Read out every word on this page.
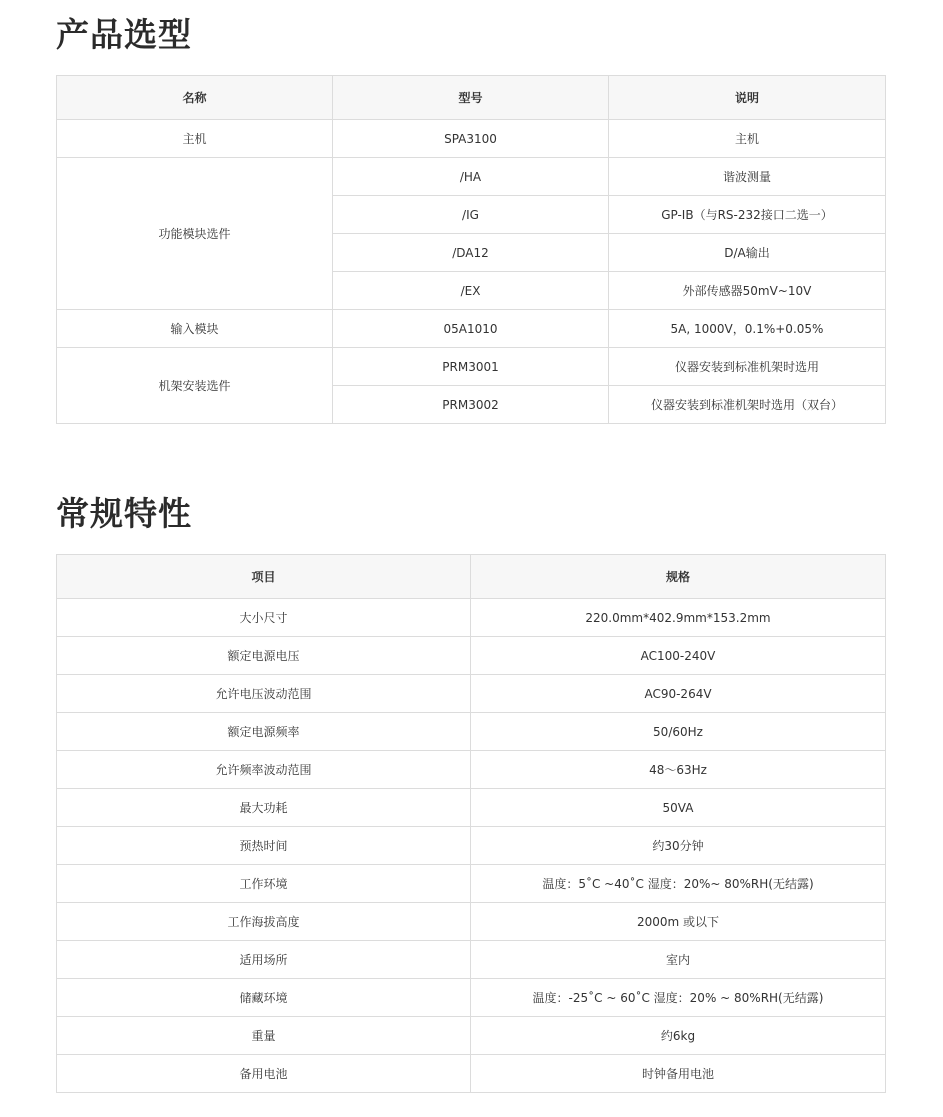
产品选型
名称	型号	说明
主机	SPA3100	主机
功能模块选件	/HA	谐波测量
	/IG	GP-IB（与RS-232接口二选一）
	/DA12	D/A输出
	/EX	外部传感器50mV~10V
输入模块	05A1010	5A, 1000V，0.1%+0.05%
机架安装选件	PRM3001	仪器安装到标准机架时选用
	PRM3002	仪器安装到标准机架时选用（双台）
常规特性
项目	规格
大小尺寸	220.0mm*402.9mm*153.2mm
额定电源电压	AC100-240V
允许电压波动范围	AC90-264V
额定电源频率	50/60Hz
允许频率波动范围	48～63Hz
最大功耗	50VA
预热时间	约30分钟
工作环境	温度：5˚C ~40˚C 湿度：20%~ 80%RH(无结露)
工作海拔高度	2000m 或以下
适用场所	室内
储藏环境	温度：-25˚C ~ 60˚C 湿度：20% ~ 80%RH(无结露)
重量	约6kg
备用电池	时钟备用电池
